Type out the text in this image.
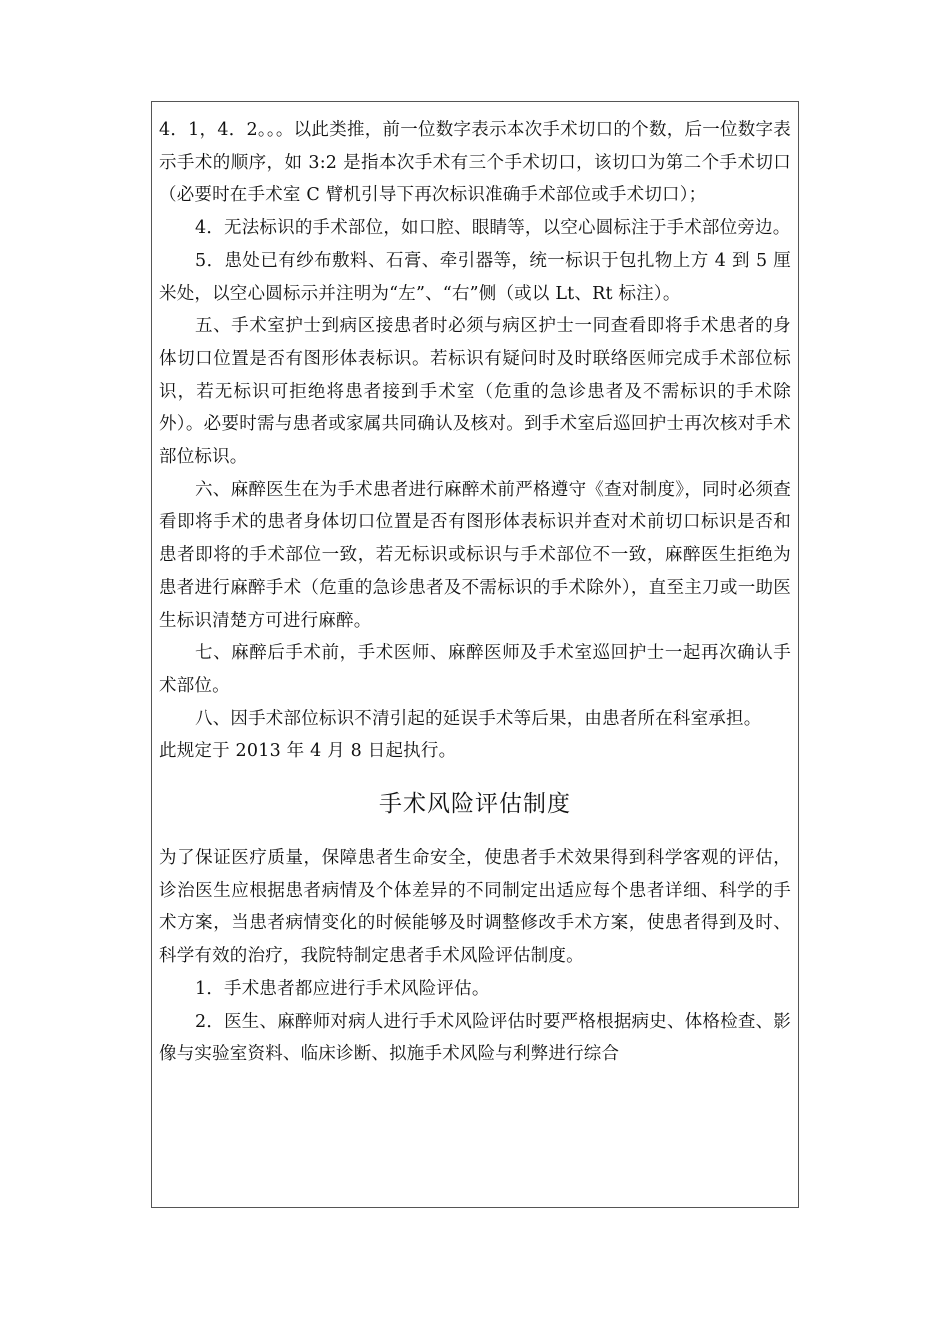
4．1，4．2。。。以此类推，前一位数字表示本次手术切口的个数，后一位数字表示手术的顺序，如 3:2 是指本次手术有三个手术切口，该切口为第二个手术切口（必要时在手术室 C 臂机引导下再次标识准确手术部位或手术切口）；

4．无法标识的手术部位，如口腔、眼睛等，以空心圆标注于手术部位旁边。

5．患处已有纱布敷料、石膏、牵引器等，统一标识于包扎物上方 4 到 5 厘米处，以空心圆标示并注明为“左”、“右”侧（或以 Lt、Rt 标注）。

五、手术室护士到病区接患者时必须与病区护士一同查看即将手术患者的身体切口位置是否有图形体表标识。若标识有疑问时及时联络医师完成手术部位标识，若无标识可拒绝将患者接到手术室（危重的急诊患者及不需标识的手术除外）。必要时需与患者或家属共同确认及核对。到手术室后巡回护士再次核对手术部位标识。

六、麻醉医生在为手术患者进行麻醉术前严格遵守《查对制度》，同时必须查看即将手术的患者身体切口位置是否有图形体表标识并查对术前切口标识是否和患者即将的手术部位一致，若无标识或标识与手术部位不一致，麻醉医生拒绝为患者进行麻醉手术（危重的急诊患者及不需标识的手术除外），直至主刀或一助医生标识清楚方可进行麻醉。

七、麻醉后手术前，手术医师、麻醉医师及手术室巡回护士一起再次确认手术部位。

八、因手术部位标识不清引起的延误手术等后果，由患者所在科室承担。

此规定于 2013 年 4 月 8 日起执行。

手术风险评估制度

为了保证医疗质量，保障患者生命安全，使患者手术效果得到科学客观的评估，诊治医生应根据患者病情及个体差异的不同制定出适应每个患者详细、科学的手术方案，当患者病情变化的时候能够及时调整修改手术方案，使患者得到及时、科学有效的治疗，我院特制定患者手术风险评估制度。

1．手术患者都应进行手术风险评估。

2．医生、麻醉师对病人进行手术风险评估时要严格根据病史、体格检查、影像与实验室资料、临床诊断、拟施手术风险与利弊进行综合
